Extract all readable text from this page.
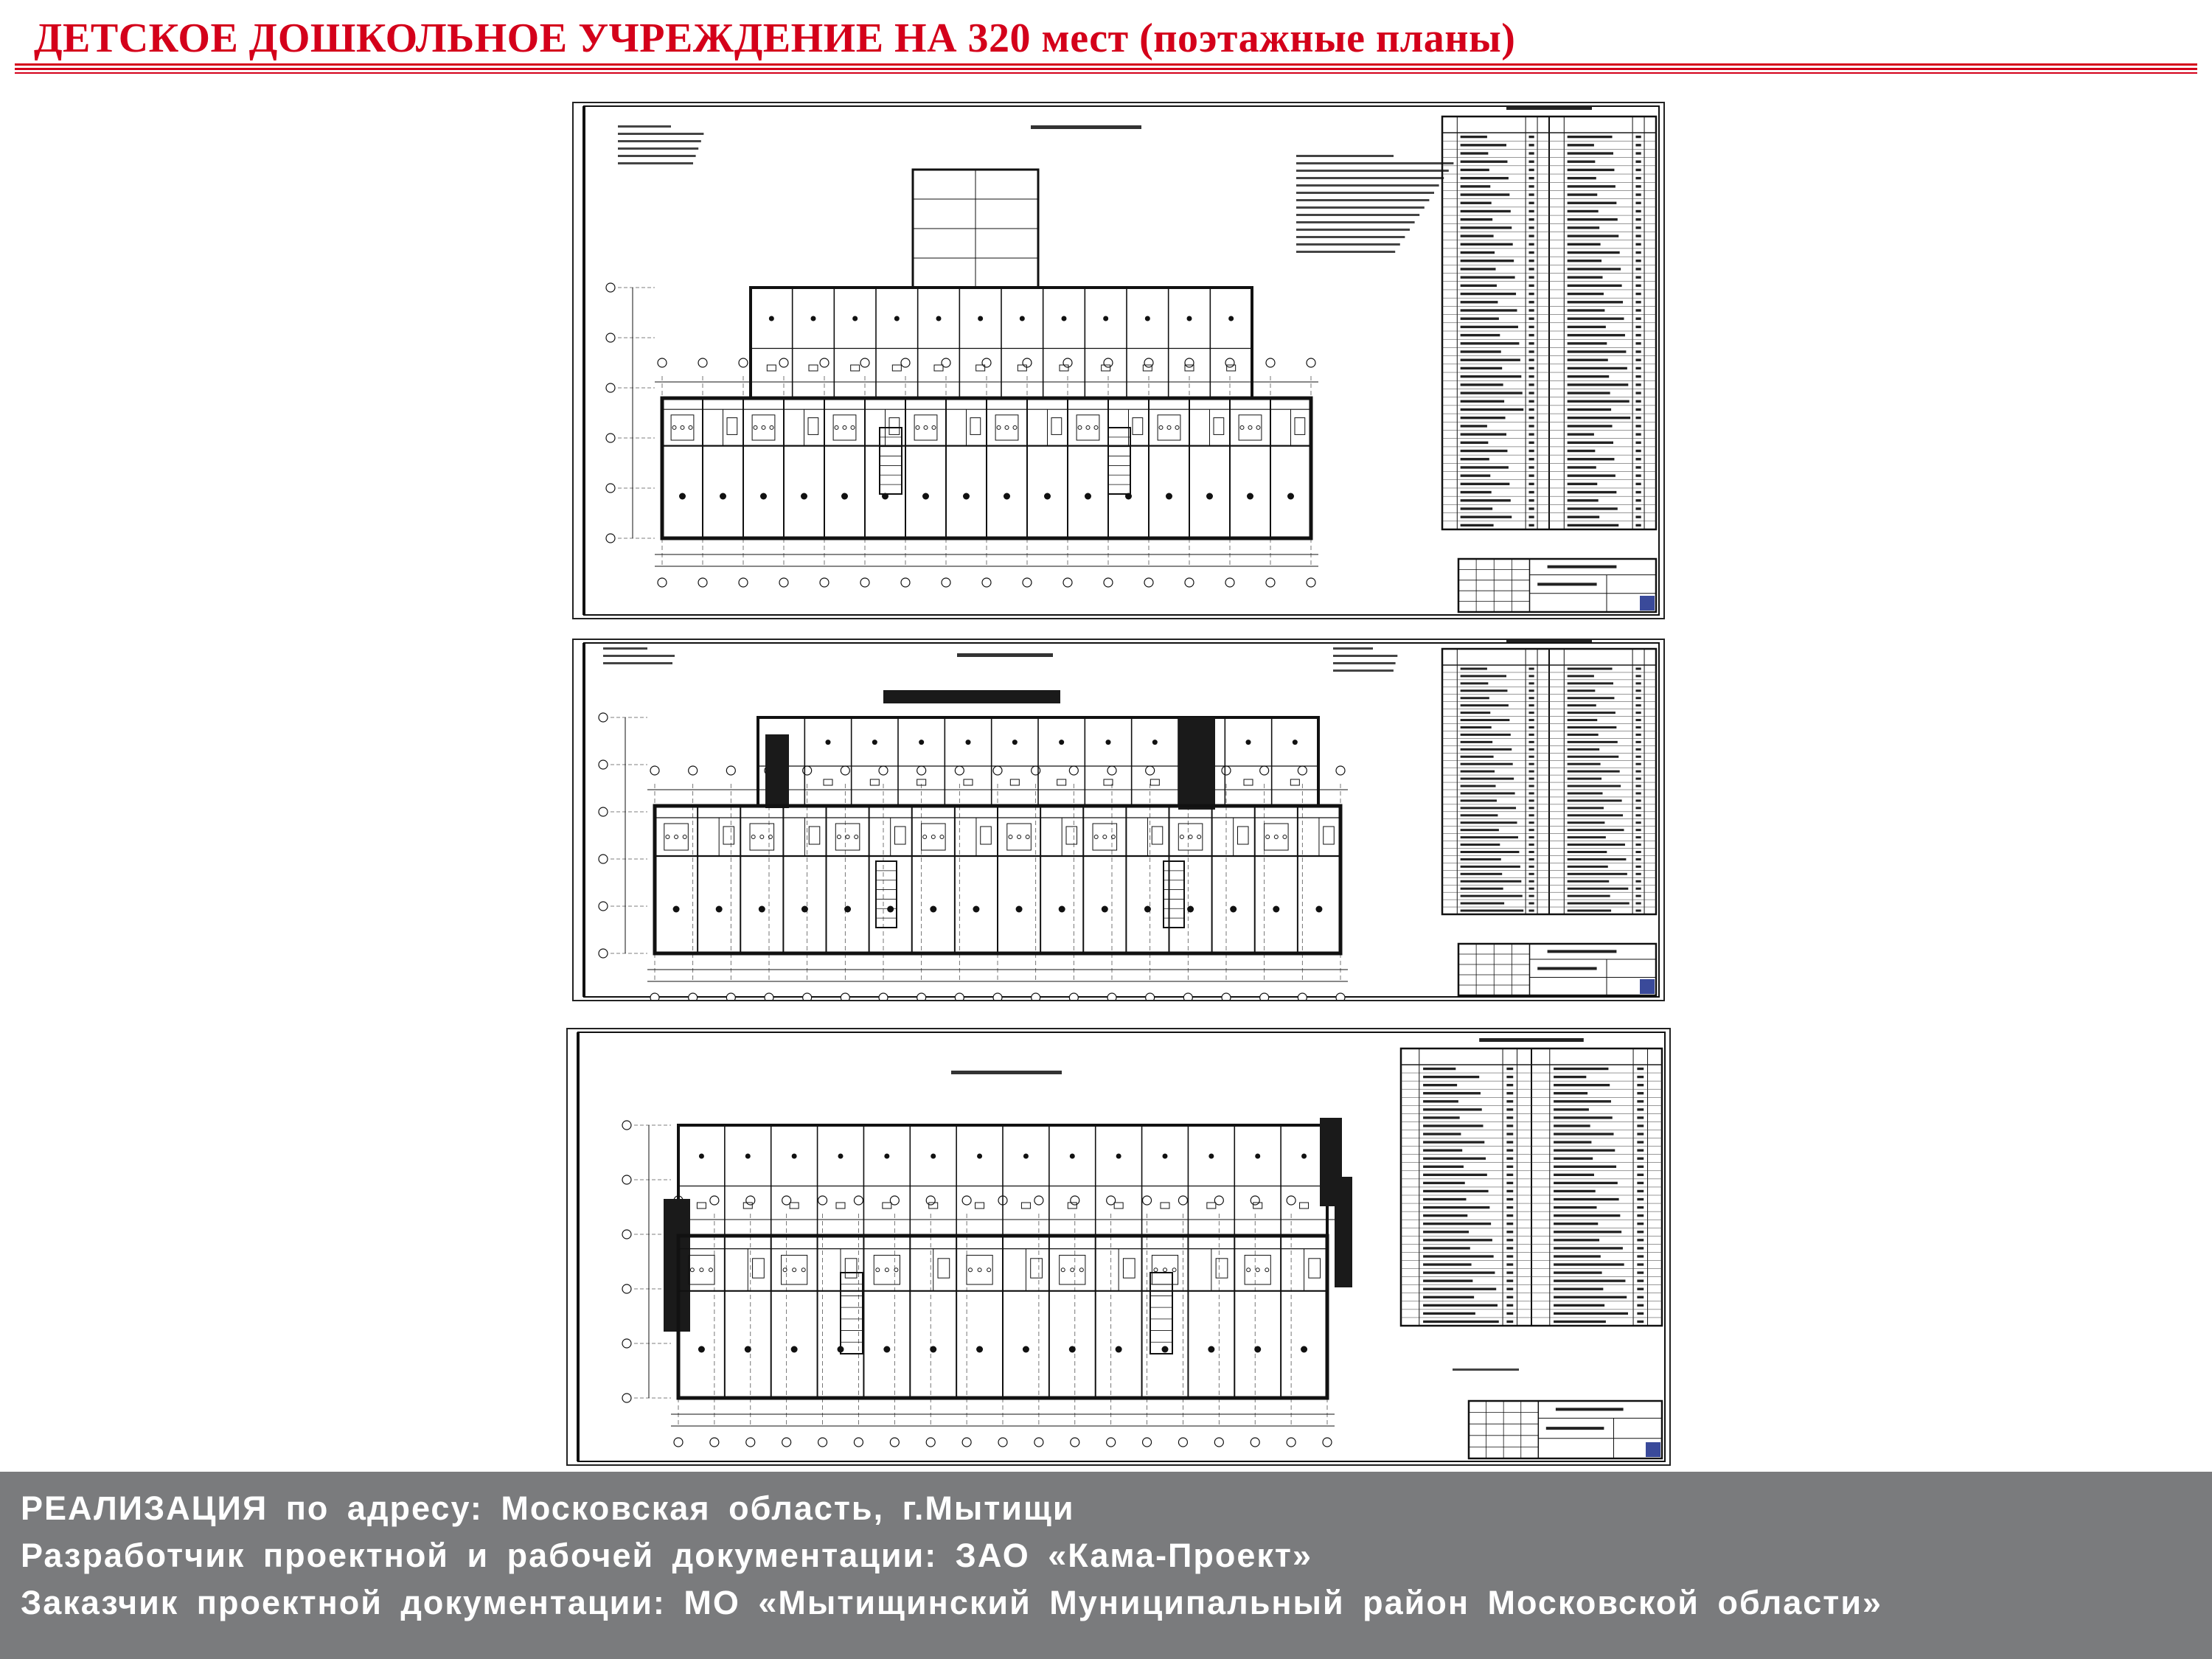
ДЕТСКОЕ ДОШКОЛЬНОЕ УЧРЕЖДЕНИЕ НА 320 мест (поэтажные планы)

РЕАЛИЗАЦИЯ по адресу: Московская область, г.Мытищи

Разработчик проектной и рабочей документации: ЗАО «Кама-Проект»

Заказчик проектной документации: МО «Мытищинский Муниципальный район Московской области»
